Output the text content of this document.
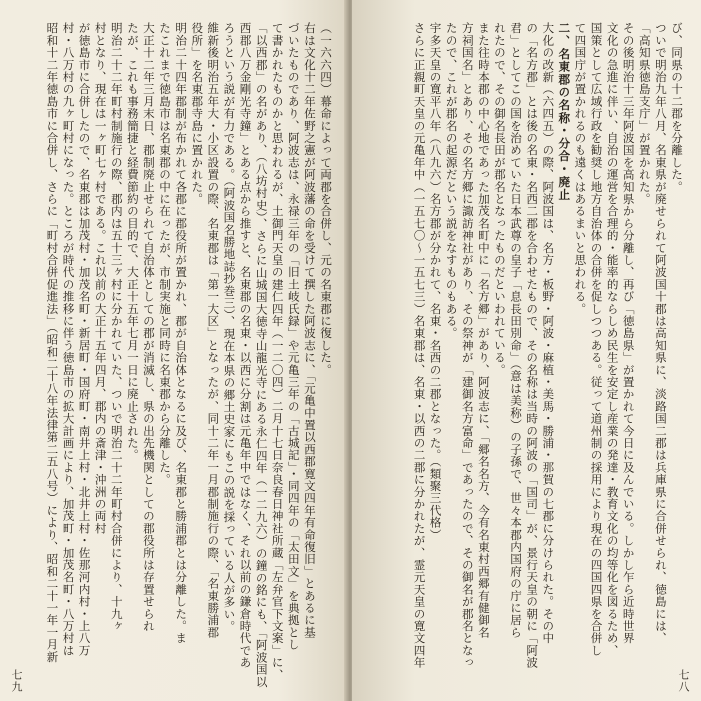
（一六六四）幕命によって両郡を合併し、元の名東郡に復した。
右は文化十二年佐野之憲が阿波藩の命を受けて撰した阿波志に、「元亀中置以西郡寛文四年有命復旧」とあるに基
づいたものであり、阿波志は、永禄三年の「旧土岐氏録」や元亀三年の「古城記」・同四年の「太田文」を典拠とし
て書かれたものかと思われるが、土御門天皇の建仁四年（一二〇四）二月十七日奈良春日神社所蔵「左弁官下文案」に、
「以西郡」の名があり、（八坊村史）、さらに山城国大徳寺山龍光寺にある永仁四年（一二九六）の鐘の銘にも、「阿波国以
西郡八万金剛光寺鐘」とある点から推すと、名東郡の名東・以西に分割は元亀年中ではなく、それ以前の鎌倉時代であ
ろうという説が有力である。（阿波国名勝地誌抄巻三）、現在本県の郷土史家にもこの説を採っている人が多い。
維新後明治五年大・小区設置の際、名東郡は「第一大区」となったが、同十二年一月郡制施行の際、「名東勝浦郡
役所」を名東郡寺島に置かれた。
明治二十四年郡制が布かれて各郡に郡役所が置かれ、郡が自治体となるに及び、名東郡と勝浦郡とは分離した。ま
たこれまで徳島市は名東郡の中に在ったが、市制実施と同時に名東郡から分離した。
大正十二年三月末日、郡制廃止せられて自治体としての郡が消滅し、県の出先機関としての郡役所は存置せられ
たが、これも事務簡捷と経費節約の目的で、大正十五年七月一日に廃止された。
明治二十二年町村制施行の際、郡内は五十三ヶ村に分かれていた、ついで明治二十二年町村合併により、十九ヶ
村となり、現在は一ヶ町七ヶ村である。これ以前の大正十五年四月、郡内の斎津・沖洲の両村
が徳島市に合併したので、名東郡は加茂村・加茂名町・新居町・国府町・南井上村・北井上村・佐那河内村・上八万
村・八万村の九ヶ町村になった。ところが時代の推移に伴う徳島市の拡大計画により、加茂町・加茂名町・八万村は
昭和十二年徳島市に合併し、さらに「町村合併促進法」（昭和二十八年法律第二五八号）により、昭和二十一年一月新
七九
び、同県の十二郡を分離した。
ついで明治九年八月、名東県が廃せられて阿波国十郡は高知県に、淡路国二郡は兵庫県に合併せられ、徳島には、
「高知県徳島支庁」が置かれた。
その後明治十三年阿波国を高知県から分離し、再び「徳島県」が置かれて今日に及んでいる。しかし乍ら近時世界
文化の急進に伴い、自治の運営を合理的・能率的ならしめ民生を安定し産業の発達・教育文化の均等化を図るため、
国策として広域行政を勧奨し地方自治体の合併を促しつつある。従って道州制の採用により現在の四国四県を合併し
て四国庁が置かれるのも遠くはあるまいと思われる。
二、名東郡の名称・分合・廃止
大化の改新（六四五）の際、阿波国は、名方・板野・阿波・麻植・美馬・勝浦・那賀の七郡に分けられた。その中
の「名方郡」とは後の名東・名西二郡を合わせたもので、その名称は当時の阿波の「国司」が、景行天皇の朝に「阿波
君」としてこの国を治めていた日本武尊の皇子「息長田別命」（意は美称）の子孫で、世々本郡内国府の庁に居ら
れたので、その御名長田が郡名となったものだといわれている。
また往時本郡の中心地であった加茂名町中に「名方郷」があり、阿波志に、「郷名名方、今有名東村西郷有健御名
方祠国名」とあり、その名方郷に諏訪神社があり、その祭神が「建御名方富命」であったので、その御名が郡名となっ
たので、これが郡名の起源だという説をなすものもある。
宇多天皇の寛平八年（八九六）名方郡が分かれて、名東・名西の二郡となった。（類聚三代格）
さらに正親町天皇の元亀年中（一五七〇〜一五七三）名東郡は、名東・以西の二郡に分かれたが、霊元天皇の寛文四年
七八
